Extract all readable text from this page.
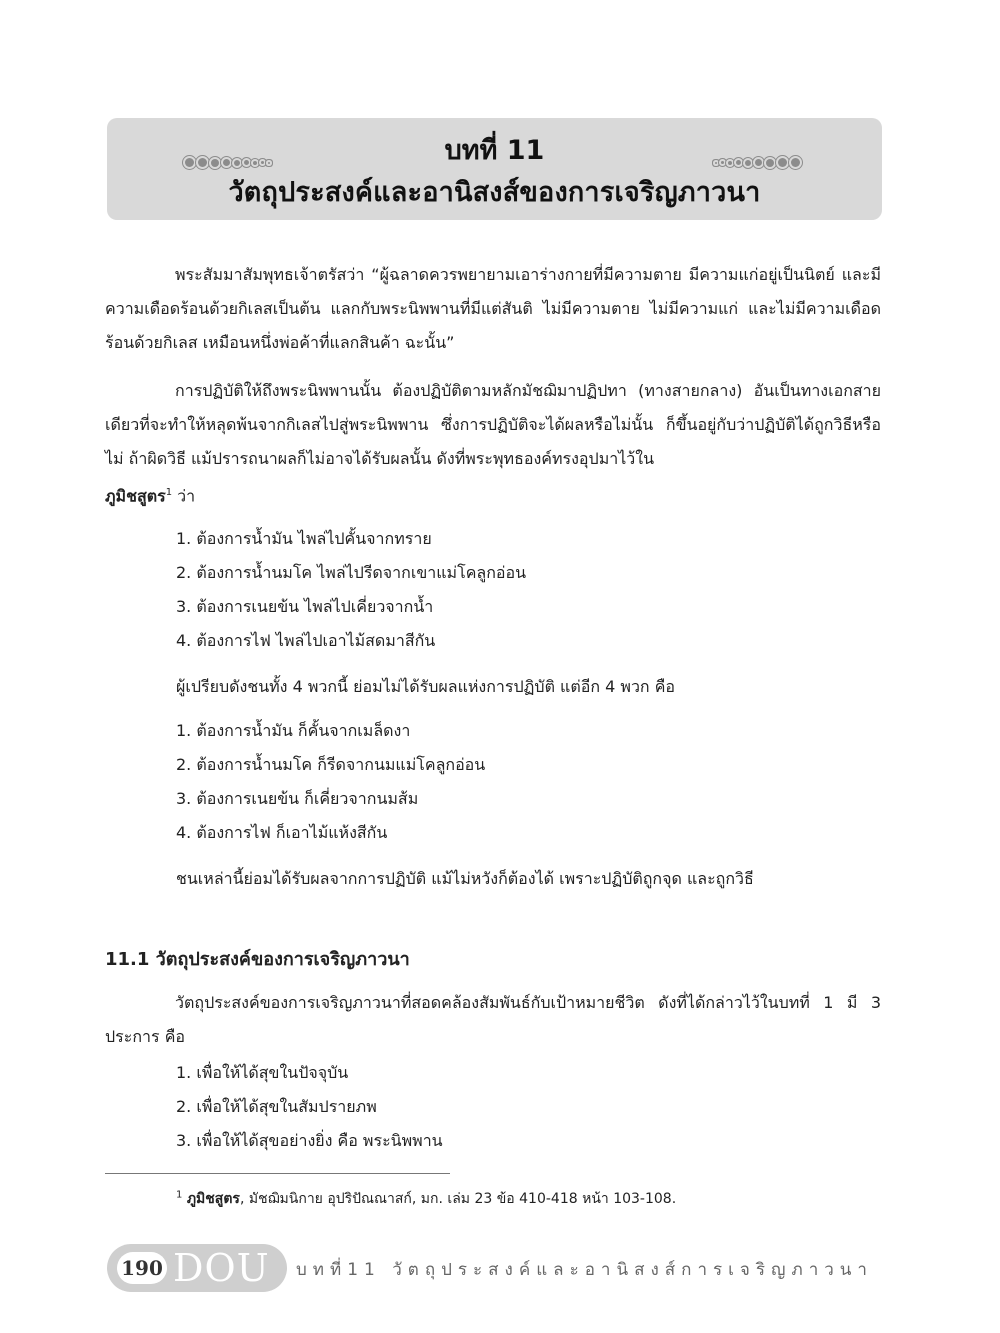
บทที่ 11
วัตถุประสงค์และอานิสงส์ของการเจริญภาวนา

พระสัมมาสัมพุทธเจ้าตรัสว่า “ผู้ฉลาดควรพยายามเอาร่างกายที่มีความตาย มีความแก่อยู่เป็นนิตย์ และมีความเดือดร้อนด้วยกิเลสเป็นต้น แลกกับพระนิพพานที่มีแต่สันติ ไม่มีความตาย ไม่มีความแก่ และไม่มีความเดือดร้อนด้วยกิเลส เหมือนหนึ่งพ่อค้าที่แลกสินค้า ฉะนั้น”

การปฏิบัติให้ถึงพระนิพพานนั้น ต้องปฏิบัติตามหลักมัชฌิมาปฏิปทา (ทางสายกลาง) อันเป็นทางเอกสายเดียวที่จะทำให้หลุดพ้นจากกิเลสไปสู่พระนิพพาน ซึ่งการปฏิบัติจะได้ผลหรือไม่นั้น ก็ขึ้นอยู่กับว่าปฏิบัติได้ถูกวิธีหรือไม่ ถ้าผิดวิธี แม้ปรารถนาผลก็ไม่อาจได้รับผลนั้น ดังที่พระพุทธองค์ทรงอุปมาไว้ใน
ภูมิชสูตร$^1$ ว่า

1. ต้องการน้ำมัน ไพล่ไปคั้นจากทราย
2. ต้องการน้ำนมโค ไพล่ไปรีดจากเขาแม่โคลูกอ่อน
3. ต้องการเนยข้น ไพล่ไปเคี่ยวจากน้ำ
4. ต้องการไฟ ไพล่ไปเอาไม้สดมาสีกัน
ผู้เปรียบดังชนทั้ง 4 พวกนี้ ย่อมไม่ได้รับผลแห่งการปฏิบัติ แต่อีก 4 พวก คือ
1. ต้องการน้ำมัน ก็คั้นจากเมล็ดงา
2. ต้องการน้ำนมโค ก็รีดจากนมแม่โคลูกอ่อน
3. ต้องการเนยข้น ก็เคี่ยวจากนมส้ม
4. ต้องการไฟ ก็เอาไม้แห้งสีกัน
ชนเหล่านี้ย่อมได้รับผลจากการปฏิบัติ แม้ไม่หวังก็ต้องได้ เพราะปฏิบัติถูกจุด และถูกวิธี
11.1 วัตถุประสงค์ของการเจริญภาวนา

วัตถุประสงค์ของการเจริญภาวนาที่สอดคล้องสัมพันธ์กับเป้าหมายชีวิต ดังที่ได้กล่าวไว้ในบทที่ 1 มี 3 ประการ คือ

1. เพื่อให้ได้สุขในปัจจุบัน
2. เพื่อให้ได้สุขในสัมปรายภพ
3. เพื่อให้ได้สุขอย่างยิ่ง คือ พระนิพพาน
$^1$ ภูมิชสูตร, มัชฌิมนิกาย อุปริปัณณาสก์, มก. เล่ม 23 ข้อ 410-418 หน้า 103-108.
190 DOU บทที่11 วัตถุประสงค์และอานิสงส์การเจริญภาวนา
